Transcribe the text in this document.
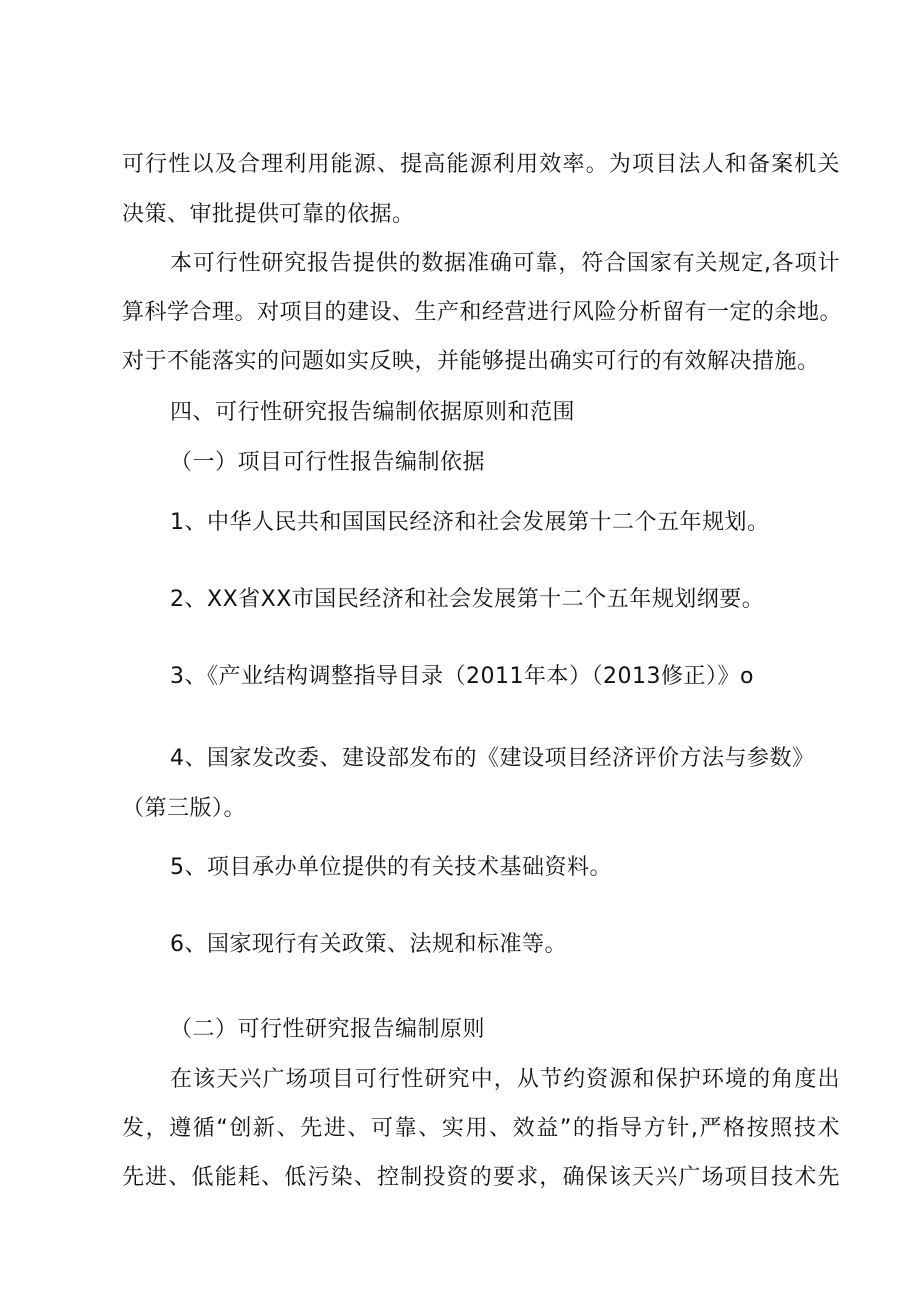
可行性以及合理利用能源、提高能源利用效率。为项目法人和备案机关
决策、审批提供可靠的依据。
本可行性研究报告提供的数据准确可靠，符合国家有关规定,各项计
算科学合理。对项目的建设、生产和经营进行风险分析留有一定的余地。
对于不能落实的问题如实反映，并能够提出确实可行的有效解决措施。
四、可行性研究报告编制依据原则和范围
（一）项目可行性报告编制依据
1、中华人民共和国国民经济和社会发展第十二个五年规划。
2、XX省XX市国民经济和社会发展第十二个五年规划纲要。
3、《产业结构调整指导目录（2011年本）（2013修正）》o
4、国家发改委、建设部发布的《建设项目经济评价方法与参数》
（第三版）。
5、项目承办单位提供的有关技术基础资料。
6、国家现行有关政策、法规和标准等。
（二）可行性研究报告编制原则
在该天兴广场项目可行性研究中，从节约资源和保护环境的角度出
发，遵循“创新、先进、可靠、实用、效益”的指导方针,严格按照技术
先进、低能耗、低污染、控制投资的要求，确保该天兴广场项目技术先
